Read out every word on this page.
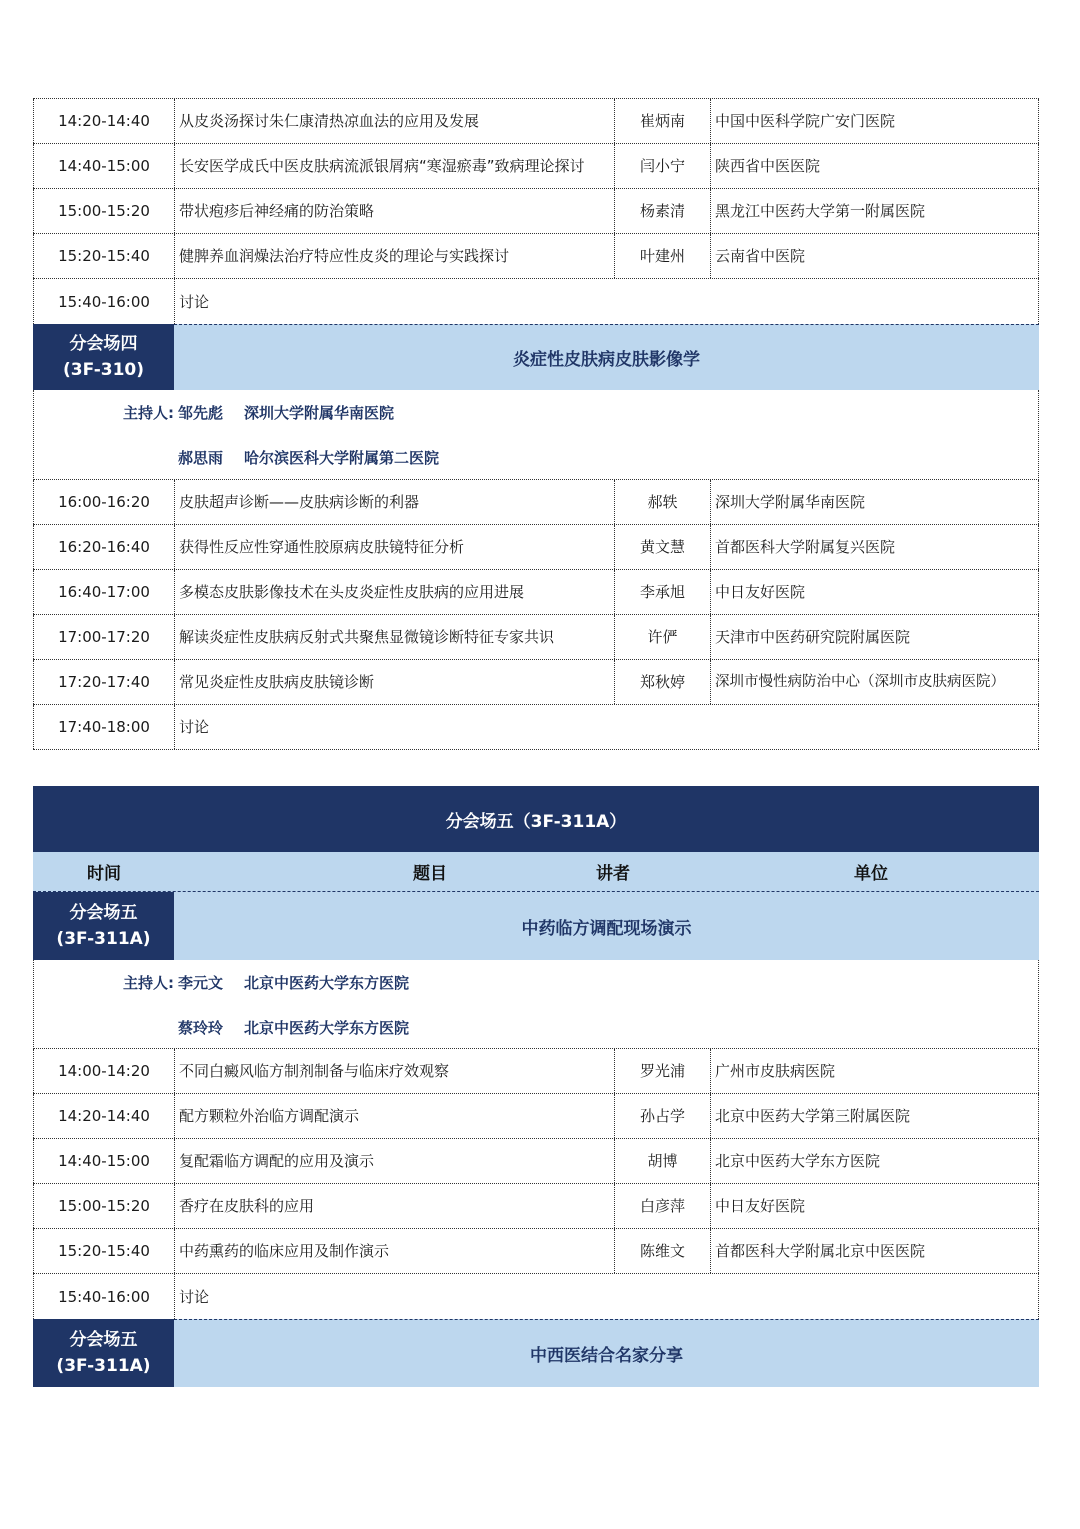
14:20-14:40	从皮炎汤探讨朱仁康清热凉血法的应用及发展	崔炳南	中国中医科学院广安门医院
14:40-15:00	长安医学成氏中医皮肤病流派银屑病“寒湿瘀毒”致病理论探讨	闫小宁	陕西省中医医院
15:00-15:20	带状疱疹后神经痛的防治策略	杨素清	黑龙江中医药大学第一附属医院
15:20-15:40	健脾养血润燥法治疗特应性皮炎的理论与实践探讨	叶建州	云南省中医院
15:40-16:00	讨论
分会场四
(3F-310)	炎症性皮肤病皮肤影像学
主持人: 邹先彪	深圳大学附属华南医院
郝思雨	哈尔滨医科大学附属第二医院
16:00-16:20	皮肤超声诊断——皮肤病诊断的利器	郝轶	深圳大学附属华南医院
16:20-16:40	获得性反应性穿通性胶原病皮肤镜特征分析	黄文慧	首都医科大学附属复兴医院
16:40-17:00	多模态皮肤影像技术在头皮炎症性皮肤病的应用进展	李承旭	中日友好医院
17:00-17:20	解读炎症性皮肤病反射式共聚焦显微镜诊断特征专家共识	许俨	天津市中医药研究院附属医院
17:20-17:40	常见炎症性皮肤病皮肤镜诊断	郑秋婷	深圳市慢性病防治中心（深圳市皮肤病医院）
17:40-18:00	讨论
分会场五（3F-311A）
时间	题目	讲者	单位
分会场五
(3F-311A)
中药临方调配现场演示
主持人: 李元文	北京中医药大学东方医院
蔡玲玲	北京中医药大学东方医院
14:00-14:20	不同白癜风临方制剂制备与临床疗效观察	罗光浦	广州市皮肤病医院
14:20-14:40	配方颗粒外治临方调配演示	孙占学	北京中医药大学第三附属医院
14:40-15:00	复配霜临方调配的应用及演示	胡博	北京中医药大学东方医院
15:00-15:20	香疗在皮肤科的应用	白彦萍	中日友好医院
15:20-15:40	中药熏药的临床应用及制作演示	陈维文	首都医科大学附属北京中医医院
15:40-16:00	讨论
分会场五
(3F-311A)	中西医结合名家分享
